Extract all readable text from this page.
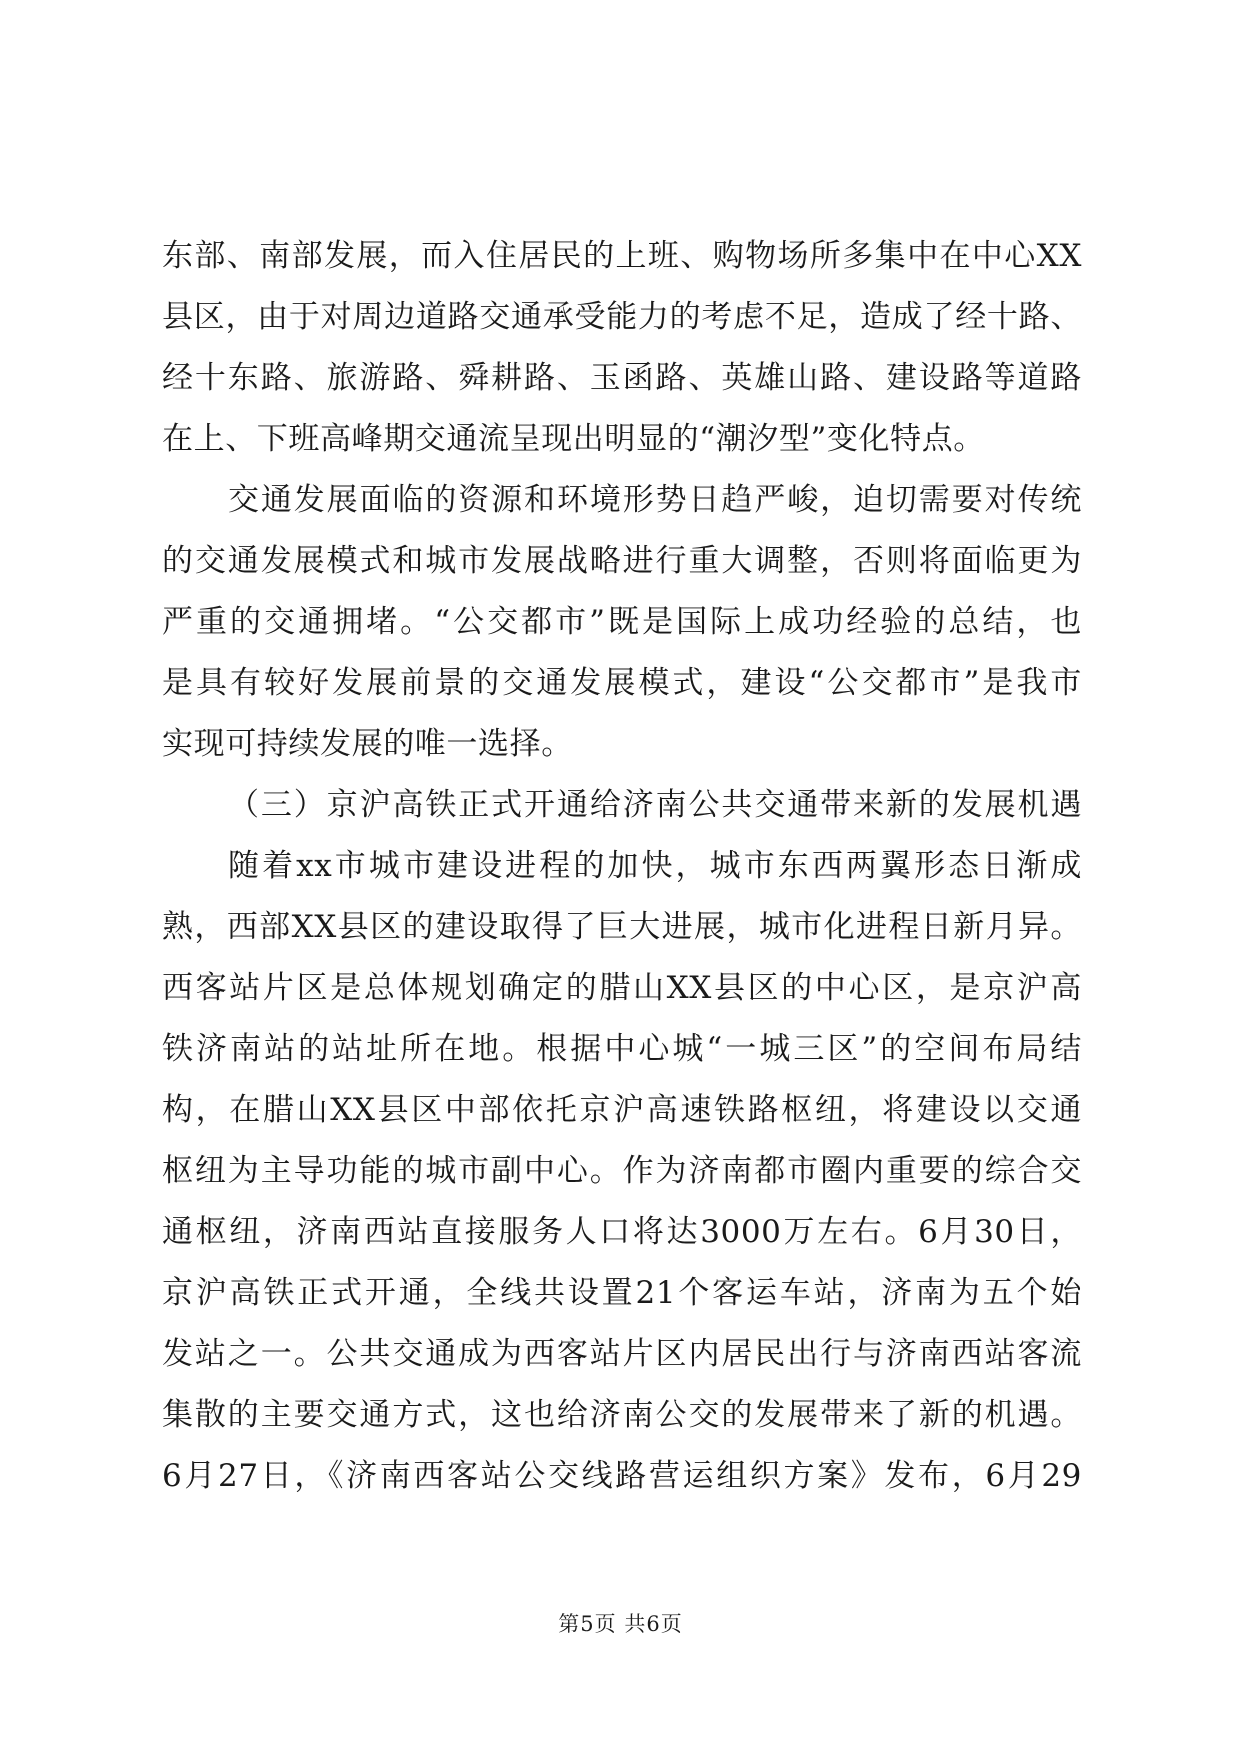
东部、南部发展，而入住居民的上班、购物场所多集中在中心XX
县区，由于对周边道路交通承受能力的考虑不足，造成了经十路、
经十东路、旅游路、舜耕路、玉函路、英雄山路、建设路等道路
在上、下班高峰期交通流呈现出明显的“潮汐型”变化特点。
交通发展面临的资源和环境形势日趋严峻，迫切需要对传统
的交通发展模式和城市发展战略进行重大调整，否则将面临更为
严重的交通拥堵。“公交都市”既是国际上成功经验的总结，也
是具有较好发展前景的交通发展模式，建设“公交都市”是我市
实现可持续发展的唯一选择。
（三）京沪高铁正式开通给济南公共交通带来新的发展机遇
随着xx市城市建设进程的加快，城市东西两翼形态日渐成
熟，西部XX县区的建设取得了巨大进展，城市化进程日新月异。
西客站片区是总体规划确定的腊山XX县区的中心区，是京沪高
铁济南站的站址所在地。根据中心城“一城三区”的空间布局结
构，在腊山XX县区中部依托京沪高速铁路枢纽，将建设以交通
枢纽为主导功能的城市副中心。作为济南都市圈内重要的综合交
通枢纽，济南西站直接服务人口将达3000万左右。6月30日，
京沪高铁正式开通，全线共设置21个客运车站，济南为五个始
发站之一。公共交通成为西客站片区内居民出行与济南西站客流
集散的主要交通方式，这也给济南公交的发展带来了新的机遇。
6月27日，《济南西客站公交线路营运组织方案》发布，6月29
第5页 共6页
